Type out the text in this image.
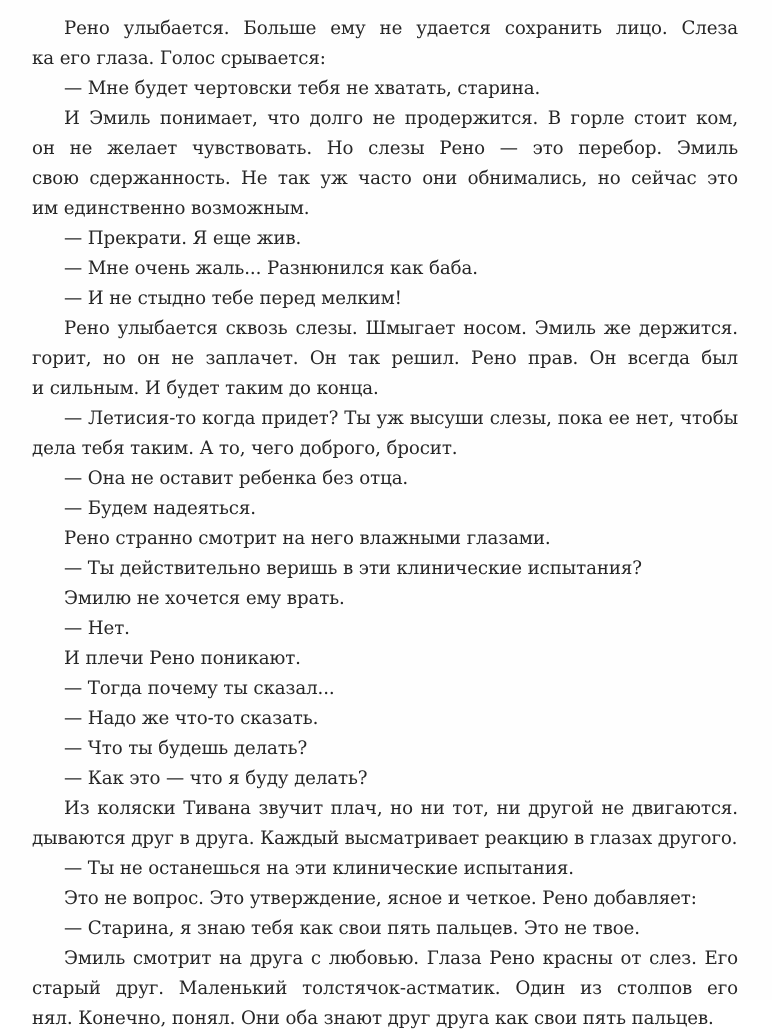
Рено улыбается. Больше ему не удается сохранить лицо. Слеза
ка его глаза. Голос срывается:
— Мне будет чертовски тебя не хватать, старина.
И Эмиль понимает, что долго не продержится. В горле стоит ком,
он не желает чувствовать. Но слезы Рено — это перебор. Эмиль
свою сдержанность. Не так уж часто они обнимались, но сейчас это
им единственно возможным.
— Прекрати. Я еще жив.
— Мне очень жаль... Разнюнился как баба.
— И не стыдно тебе перед мелким!
Рено улыбается сквозь слезы. Шмыгает носом. Эмиль же держится.
горит, но он не заплачет. Он так решил. Рено прав. Он всегда был
и сильным. И будет таким до конца.
— Летисия-то когда придет? Ты уж высуши слезы, пока ее нет, чтобы
дела тебя таким. А то, чего доброго, бросит.
— Она не оставит ребенка без отца.
— Будем надеяться.
Рено странно смотрит на него влажными глазами.
— Ты действительно веришь в эти клинические испытания?
Эмилю не хочется ему врать.
— Нет.
И плечи Рено поникают.
— Тогда почему ты сказал...
— Надо же что-то сказать.
— Что ты будешь делать?
— Как это — что я буду делать?
Из коляски Тивана звучит плач, но ни тот, ни другой не двигаются.
дываются друг в друга. Каждый высматривает реакцию в глазах другого.
— Ты не останешься на эти клинические испытания.
Это не вопрос. Это утверждение, ясное и четкое. Рено добавляет:
— Старина, я знаю тебя как свои пять пальцев. Это не твое.
Эмиль смотрит на друга с любовью. Глаза Рено красны от слез. Его
старый друг. Маленький толстячок-астматик. Один из столпов его
нял. Конечно, понял. Они оба знают друг друга как свои пять пальцев.
